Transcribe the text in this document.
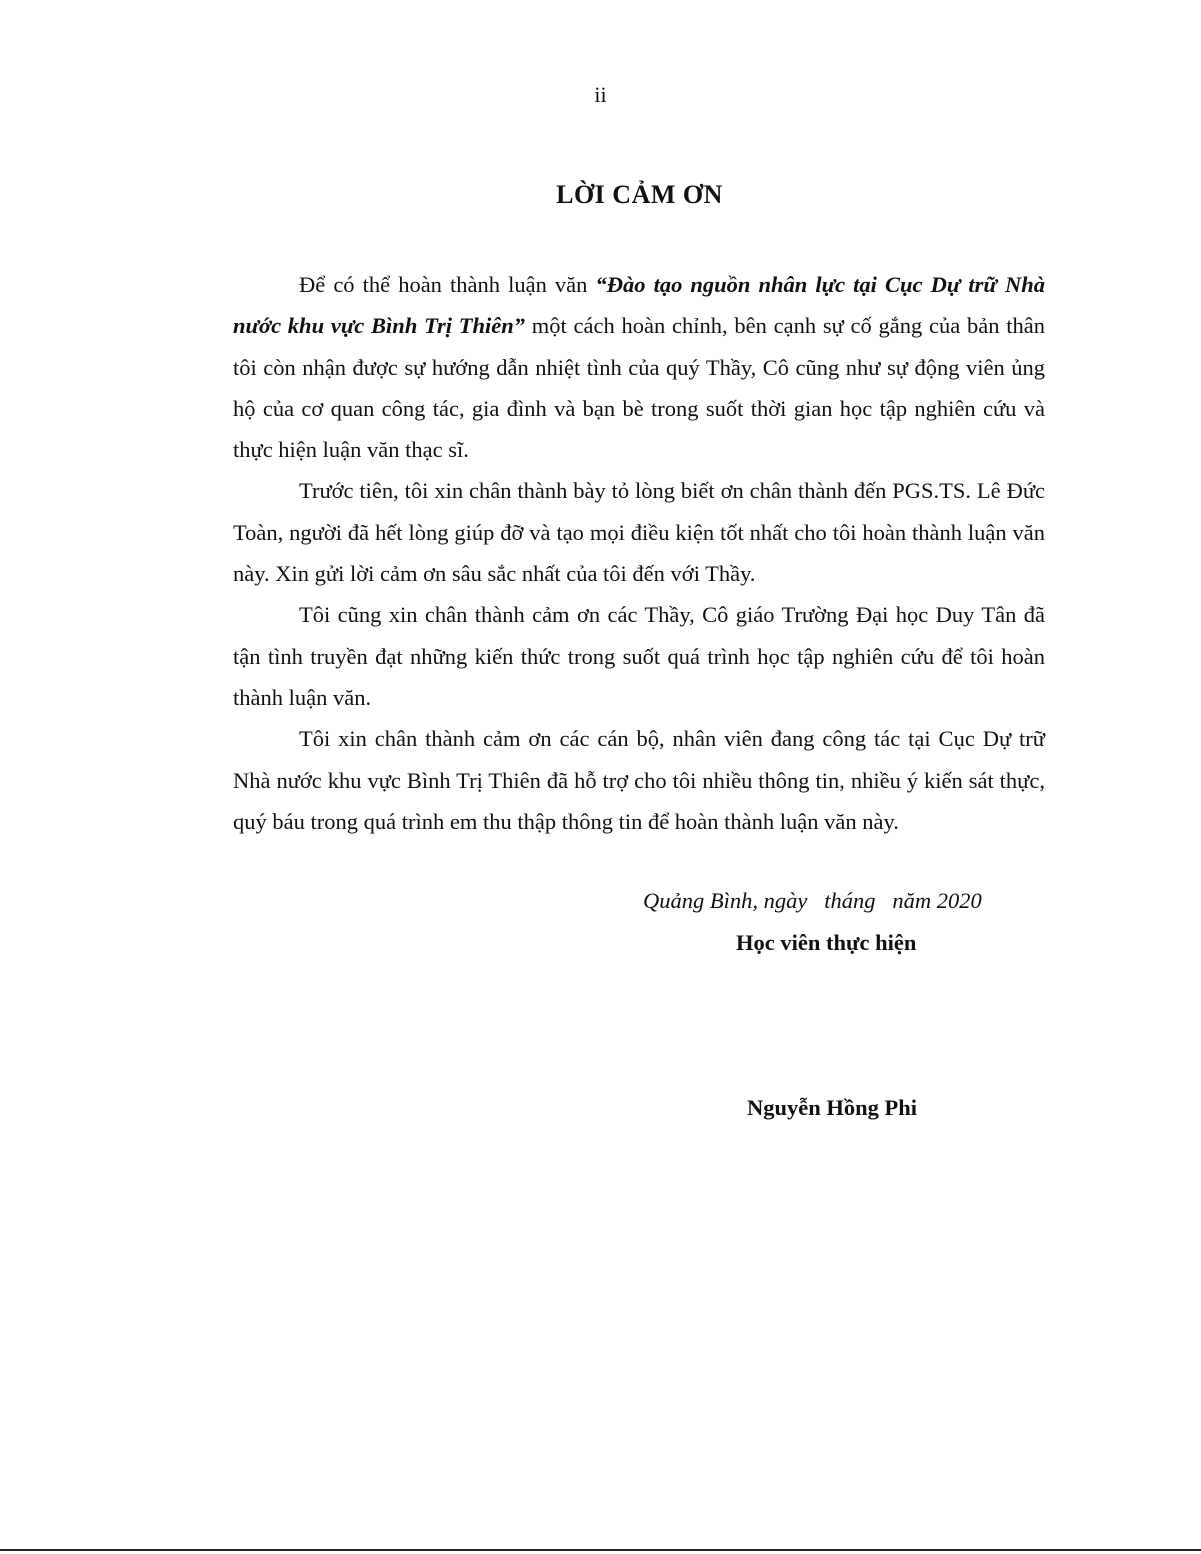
ii
LỜI CẢM ƠN

Để có thể hoàn thành luận văn “Đào tạo nguồn nhân lực tại Cục Dự trữ Nhà nước khu vực Bình Trị Thiên” một cách hoàn chỉnh, bên cạnh sự cố gắng của bản thân tôi còn nhận được sự hướng dẫn nhiệt tình của quý Thầy, Cô cũng như sự động viên ủng hộ của cơ quan công tác, gia đình và bạn bè trong suốt thời gian học tập nghiên cứu và thực hiện luận văn thạc sĩ.

Trước tiên, tôi xin chân thành bày tỏ lòng biết ơn chân thành đến PGS.TS. Lê Đức Toàn, người đã hết lòng giúp đỡ và tạo mọi điều kiện tốt nhất cho tôi hoàn thành luận văn này. Xin gửi lời cảm ơn sâu sắc nhất của tôi đến với Thầy.

Tôi cũng xin chân thành cảm ơn các Thầy, Cô giáo Trường Đại học Duy Tân đã tận tình truyền đạt những kiến thức trong suốt quá trình học tập nghiên cứu để tôi hoàn thành luận văn.

Tôi xin chân thành cảm ơn các cán bộ, nhân viên đang công tác tại Cục Dự trữ Nhà nước khu vực Bình Trị Thiên đã hỗ trợ cho tôi nhiều thông tin, nhiều ý kiến sát thực, quý báu trong quá trình em thu thập thông tin để hoàn thành luận văn này.

Quảng Bình, ngày   tháng   năm 2020
Học viên thực hiện
Nguyễn Hồng Phi
